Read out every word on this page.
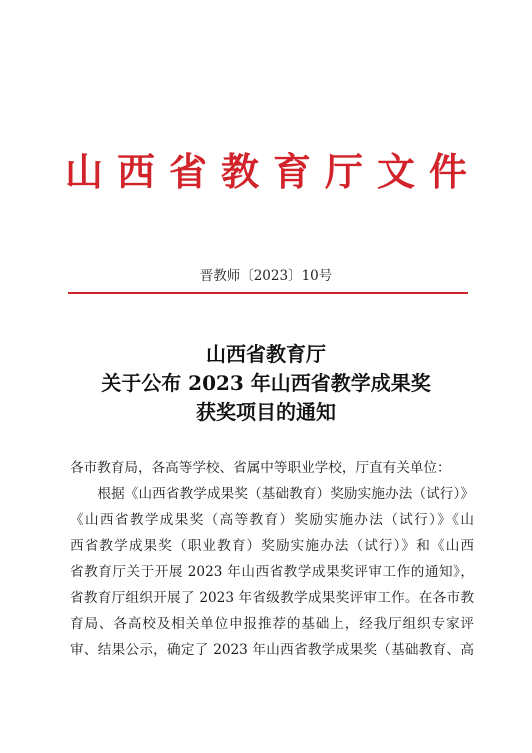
山西省教育厅文件
晋教师〔2023〕10号
山西省教育厅
关于公布 2023 年山西省教学成果奖
获奖项目的通知
各市教育局，各高等学校、省属中等职业学校，厅直有关单位：
　　根据《山西省教学成果奖（基础教育）奖励实施办法（试行）》
《山西省教学成果奖（高等教育）奖励实施办法（试行）》《山
西省教学成果奖（职业教育）奖励实施办法（试行）》和《山西
省教育厅关于开展 2023 年山西省教学成果奖评审工作的通知》，
省教育厅组织开展了 2023 年省级教学成果奖评审工作。在各市教
育局、各高校及相关单位申报推荐的基础上，经我厅组织专家评
审、结果公示，确定了 2023 年山西省教学成果奖（基础教育、高
